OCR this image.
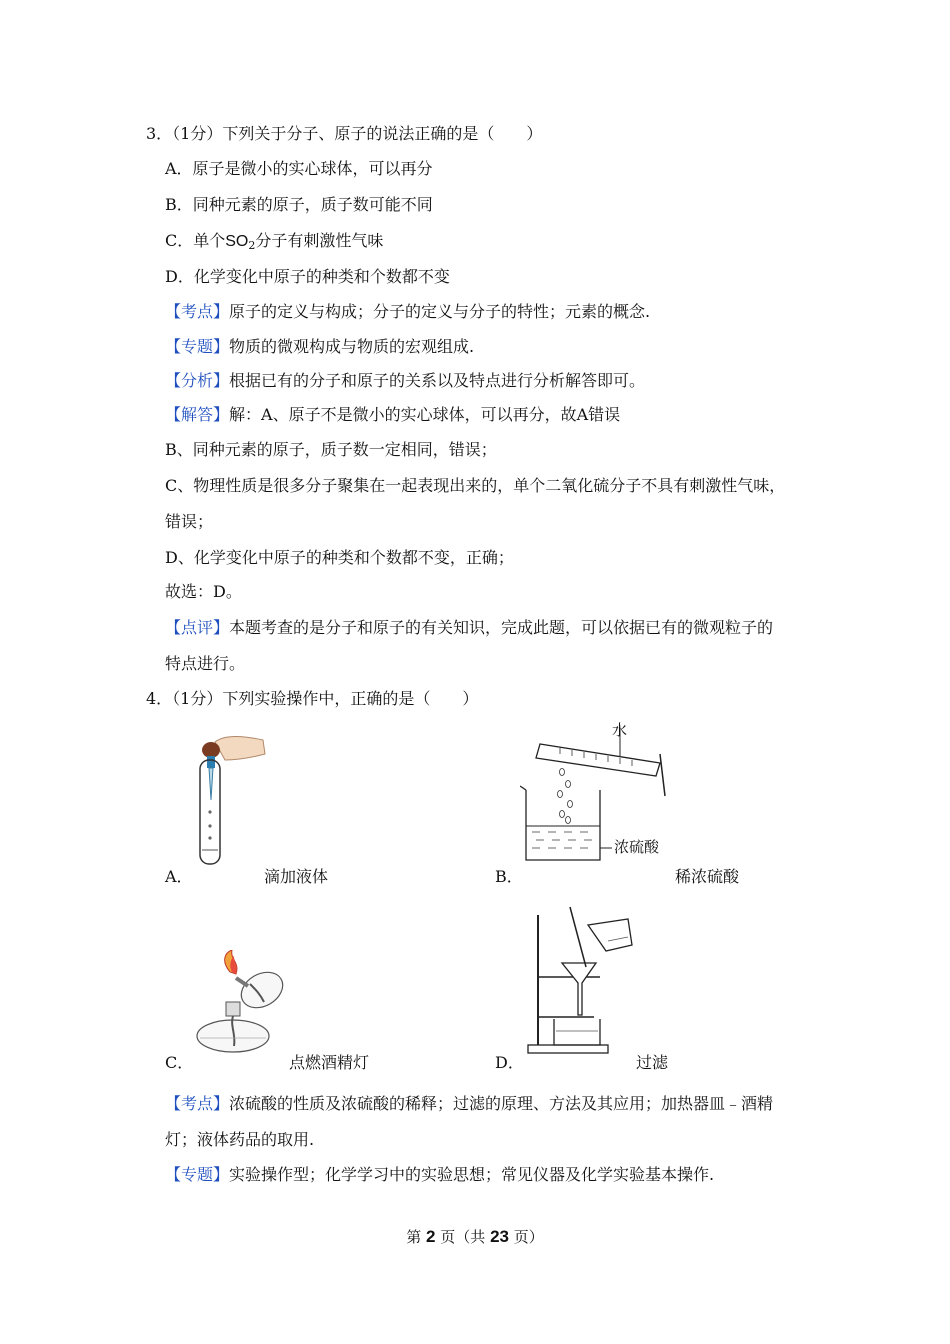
3．（1分）下列关于分子、原子的说法正确的是（　　）
A．原子是微小的实心球体，可以再分
B．同种元素的原子，质子数可能不同
C．单个$SO_2$分子有刺激性气味
D．化学变化中原子的种类和个数都不变
【考点】原子的定义与构成；分子的定义与分子的特性；元素的概念.
【专题】物质的微观构成与物质的宏观组成.
【分析】根据已有的分子和原子的关系以及特点进行分析解答即可。
【解答】解：A、原子不是微小的实心球体，可以再分，故A错误
B、同种元素的原子，质子数一定相同，错误；
C、物理性质是很多分子聚集在一起表现出来的，单个二氧化硫分子不具有刺激性气味，
错误；
D、化学变化中原子的种类和个数都不变，正确；
故选：D。
【点评】本题考查的是分子和原子的有关知识，完成此题，可以依据已有的微观粒子的
特点进行。
4．（1分）下列实验操作中，正确的是（　　）
A．	滴加液体
水
浓硫酸
B．	稀浓硫酸
C．	点燃酒精灯	D．	过滤
【考点】浓硫酸的性质及浓硫酸的稀释；过滤的原理、方法及其应用；加热器皿﹣酒精
灯；液体药品的取用.
【专题】实验操作型；化学学习中的实验思想；常见仪器及化学实验基本操作.
第 2 页（共 23 页）
